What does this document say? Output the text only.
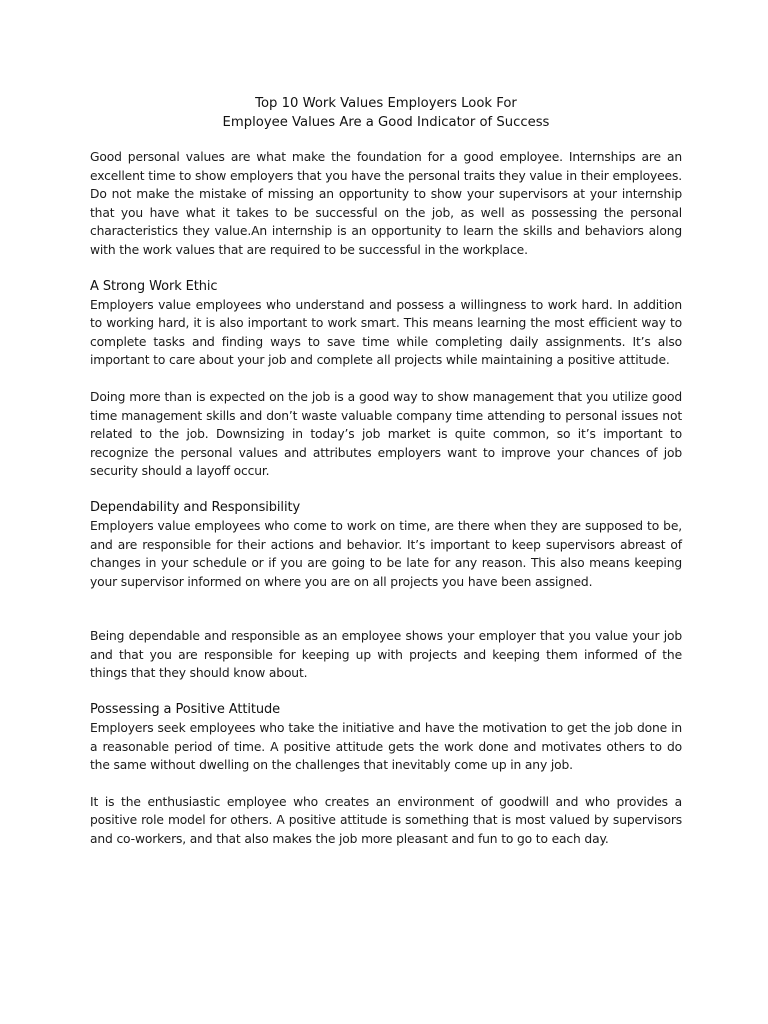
Top 10 Work Values Employers Look For
Employee Values Are a Good Indicator of Success

Good personal values are what make the foundation for a good employee. Internships are an excellent time to show employers that you have the personal traits they value in their employees. Do not make the mistake of missing an opportunity to show your supervisors at your internship that you have what it takes to be successful on the job, as well as possessing the personal characteristics they value.An internship is an opportunity to learn the skills and behaviors along with the work values that are required to be successful in the workplace.

A Strong Work Ethic

Employers value employees who understand and possess a willingness to work hard. In addition to working hard, it is also important to work smart. This means learning the most efficient way to complete tasks and finding ways to save time while completing daily assignments. It’s also important to care about your job and complete all projects while maintaining a positive attitude.

Doing more than is expected on the job is a good way to show management that you utilize good time management skills and don’t waste valuable company time attending to personal issues not related to the job. Downsizing in today’s job market is quite common, so it’s important to recognize the personal values and attributes employers want to improve your chances of job security should a layoff occur.

Dependability and Responsibility

Employers value employees who come to work on time, are there when they are supposed to be, and are responsible for their actions and behavior. It’s important to keep supervisors abreast of changes in your schedule or if you are going to be late for any reason. This also means keeping your supervisor informed on where you are on all projects you have been assigned.

Being dependable and responsible as an employee shows your employer that you value your job and that you are responsible for keeping up with projects and keeping them informed of the things that they should know about.

Possessing a Positive Attitude

Employers seek employees who take the initiative and have the motivation to get the job done in a reasonable period of time. A positive attitude gets the work done and motivates others to do the same without dwelling on the challenges that inevitably come up in any job.

It is the enthusiastic employee who creates an environment of goodwill and who provides a positive role model for others. A positive attitude is something that is most valued by supervisors and co-workers, and that also makes the job more pleasant and fun to go to each day.
